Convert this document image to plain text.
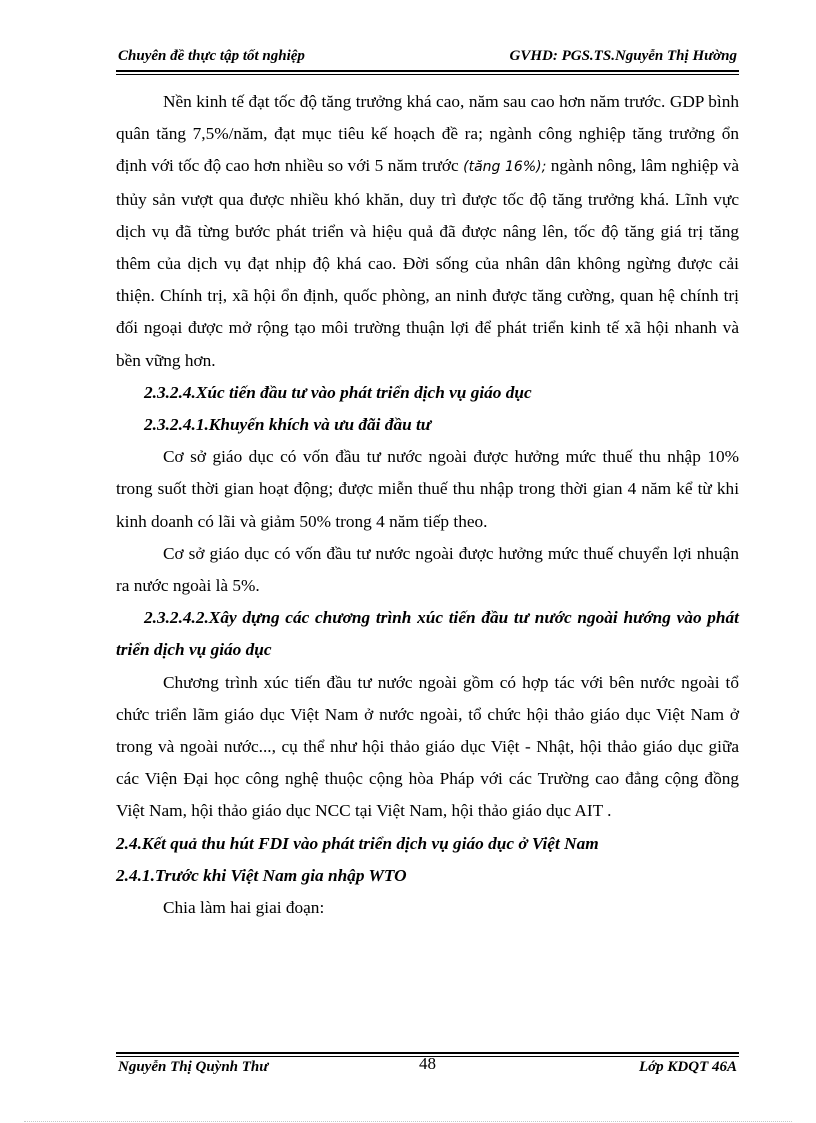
Chuyên đề thực tập tốt nghiệp	GVHD: PGS.TS.Nguyễn Thị Hường

Nền kinh tế đạt tốc độ tăng trưởng khá cao, năm sau cao hơn năm trước. GDP bình quân tăng 7,5%/năm, đạt mục tiêu kế hoạch đề ra; ngành công nghiệp tăng trưởng ổn định với tốc độ cao hơn nhiều so với 5 năm trước (tăng 16%); ngành nông, lâm nghiệp và thủy sản vượt qua được nhiều khó khăn, duy trì được tốc độ tăng trưởng khá. Lĩnh vực dịch vụ đã từng bước phát triển và hiệu quả đã được nâng lên, tốc độ tăng giá trị tăng thêm của dịch vụ đạt nhịp độ khá cao. Đời sống của nhân dân không ngừng được cải thiện. Chính trị, xã hội ổn định, quốc phòng, an ninh được tăng cường, quan hệ chính trị đối ngoại được mở rộng tạo môi trường thuận lợi để phát triển kinh tế xã hội nhanh và bền vững hơn.

2.3.2.4.Xúc tiến đầu tư vào phát triển dịch vụ giáo dục
2.3.2.4.1.Khuyến khích và ưu đãi đầu tư

Cơ sở giáo dục có vốn đầu tư nước ngoài được hưởng mức thuế thu nhập 10% trong suốt thời gian hoạt động; được miễn thuế thu nhập trong thời gian 4 năm kể từ khi kinh doanh có lãi và giảm 50% trong 4 năm tiếp theo.

Cơ sở giáo dục có vốn đầu tư nước ngoài được hưởng mức thuế chuyển lợi nhuận ra nước ngoài là 5%.

2.3.2.4.2.Xây dựng các chương trình xúc tiến đầu tư nước ngoài hướng vào phát triển dịch vụ giáo dục

Chương trình xúc tiến đầu tư nước ngoài gồm có hợp tác với bên nước ngoài tổ chức triển lãm giáo dục Việt Nam ở nước ngoài, tổ chức hội thảo giáo dục Việt Nam ở trong và ngoài nước..., cụ thể như hội thảo giáo dục Việt - Nhật, hội thảo giáo dục giữa các Viện Đại học công nghệ thuộc cộng hòa Pháp với các Trường cao đẳng cộng đồng Việt Nam, hội thảo giáo dục NCC tại Việt Nam, hội thảo giáo dục AIT .

2.4.Kết quả thu hút FDI vào phát triển dịch vụ giáo dục ở Việt Nam
2.4.1.Trước khi Việt Nam gia nhập WTO

Chia làm hai giai đoạn:

Nguyễn Thị Quỳnh Thư	48	Lớp KDQT 46A
